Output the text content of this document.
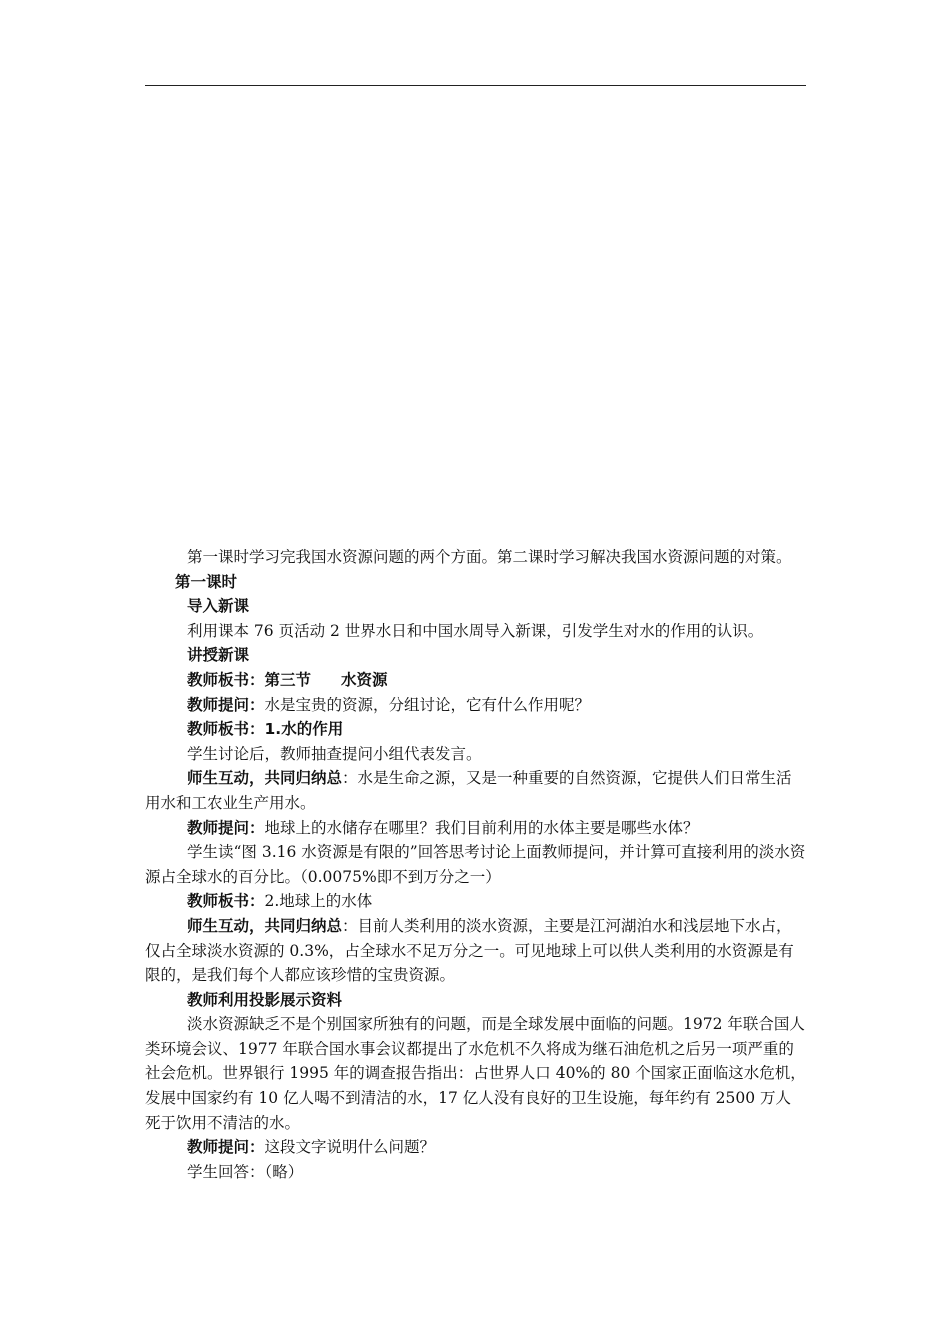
第一课时学习完我国水资源问题的两个方面。第二课时学习解决我国水资源问题的对策。

第一课时

导入新课

利用课本 76 页活动 2 世界水日和中国水周导入新课，引发学生对水的作用的认识。

讲授新课

教师板书：第三节 水资源

教师提问：水是宝贵的资源，分组讨论，它有什么作用呢？

教师板书：1.水的作用

学生讨论后，教师抽查提问小组代表发言。

师生互动，共同归纳总：水是生命之源，又是一种重要的自然资源，它提供人们日常生活用水和工农业生产用水。

教师提问：地球上的水储存在哪里？我们目前利用的水体主要是哪些水体？

学生读“图 3.16 水资源是有限的”回答思考讨论上面教师提问，并计算可直接利用的淡水资源占全球水的百分比。（0.0075%即不到万分之一）

教师板书：2.地球上的水体

师生互动，共同归纳总：目前人类利用的淡水资源，主要是江河湖泊水和浅层地下水占，仅占全球淡水资源的 0.3%，占全球水不足万分之一。可见地球上可以供人类利用的水资源是有限的，是我们每个人都应该珍惜的宝贵资源。

教师利用投影展示资料

淡水资源缺乏不是个别国家所独有的问题，而是全球发展中面临的问题。1972 年联合国人类环境会议、1977 年联合国水事会议都提出了水危机不久将成为继石油危机之后另一项严重的社会危机。世界银行 1995 年的调查报告指出：占世界人口 40%的 80 个国家正面临这水危机，发展中国家约有 10 亿人喝不到清洁的水，17 亿人没有良好的卫生设施，每年约有 2500 万人死于饮用不清洁的水。

教师提问：这段文字说明什么问题？

学生回答：（略）
